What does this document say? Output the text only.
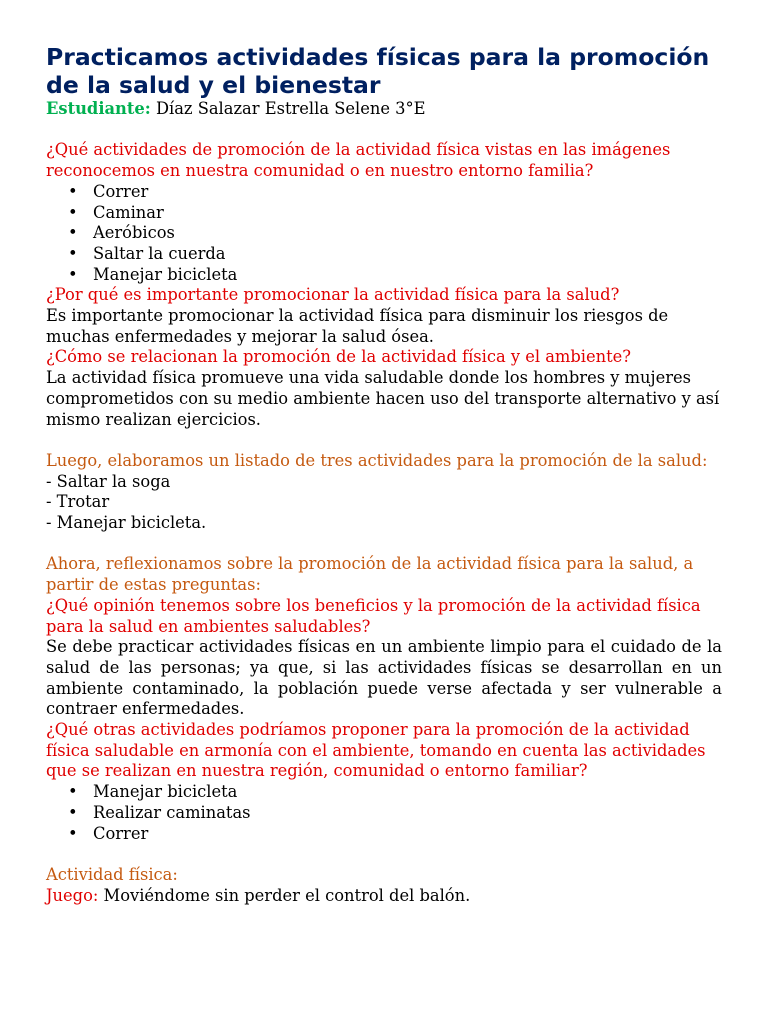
Practicamos actividades físicas para la promoción de la salud y el bienestar

Estudiante: Díaz Salazar Estrella Selene 3°E

¿Qué actividades de promoción de la actividad física vistas en las imágenes reconocemos en nuestra comunidad o en nuestro entorno familia?

• Correr
• Caminar
• Aeróbicos
• Saltar la cuerda
• Manejar bicicleta

¿Por qué es importante promocionar la actividad física para la salud?

Es importante promocionar la actividad física para disminuir los riesgos de muchas enfermedades y mejorar la salud ósea.

¿Cómo se relacionan la promoción de la actividad física y el ambiente?

La actividad física promueve una vida saludable donde los hombres y mujeres comprometidos con su medio ambiente hacen uso del transporte alternativo y así mismo realizan ejercicios.

Luego, elaboramos un listado de tres actividades para la promoción de la salud:

- Saltar la soga

- Trotar

- Manejar bicicleta.

Ahora, reflexionamos sobre la promoción de la actividad física para la salud, a partir de estas preguntas:

¿Qué opinión tenemos sobre los beneficios y la promoción de la actividad física para la salud en ambientes saludables?

Se debe practicar actividades físicas en un ambiente limpio para el cuidado de la salud de las personas; ya que, si las actividades físicas se desarrollan en un ambiente contaminado, la población puede verse afectada y ser vulnerable a contraer enfermedades.

¿Qué otras actividades podríamos proponer para la promoción de la actividad física saludable en armonía con el ambiente, tomando en cuenta las actividades que se realizan en nuestra región, comunidad o entorno familiar?

• Manejar bicicleta
• Realizar caminatas
• Correr

Actividad física:

Juego: Moviéndome sin perder el control del balón.
